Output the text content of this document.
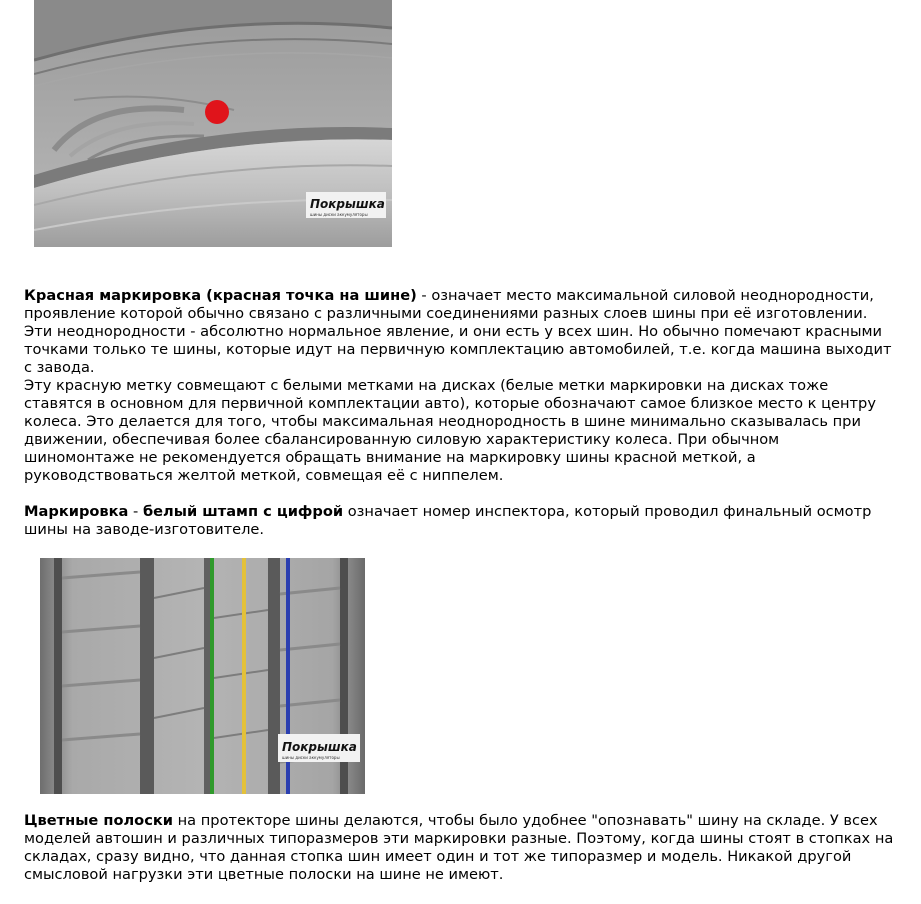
Покрышка
шины диски аккумуляторы

Красная маркировка (красная точка на шине) - означает место максимальной силовой неоднородности, проявление которой обычно связано с различными соединениями разных слоев шины при её изготовлении. Эти неоднородности - абсолютно нормальное явление, и они есть у всех шин. Но обычно помечают красными точками только те шины, которые идут на первичную комплектацию автомобилей, т.е. когда машина выходит с завода.
Эту красную метку совмещают с белыми метками на дисках (белые метки маркировки на дисках тоже ставятся в основном для первичной комплектации авто), которые обозначают самое близкое место к центру колеса. Это делается для того, чтобы максимальная неоднородность в шине минимально сказывалась при движении, обеспечивая более сбалансированную силовую характеристику колеса. При обычном шиномонтаже не рекомендуется обращать внимание на маркировку шины красной меткой, а руководствоваться желтой меткой, совмещая её с ниппелем.

Маркировка - белый штамп с цифрой означает номер инспектора, который проводил финальный осмотр шины на заводе-изготовителе.

Покрышка
шины диски аккумуляторы

Цветные полоски на протекторе шины делаются, чтобы было удобнее "опознавать" шину на складе. У всех моделей автошин и различных типоразмеров эти маркировки разные. Поэтому, когда шины стоят в стопках на складах, сразу видно, что данная стопка шин имеет один и тот же типоразмер и модель. Никакой другой смысловой нагрузки эти цветные полоски на шине не имеют.
